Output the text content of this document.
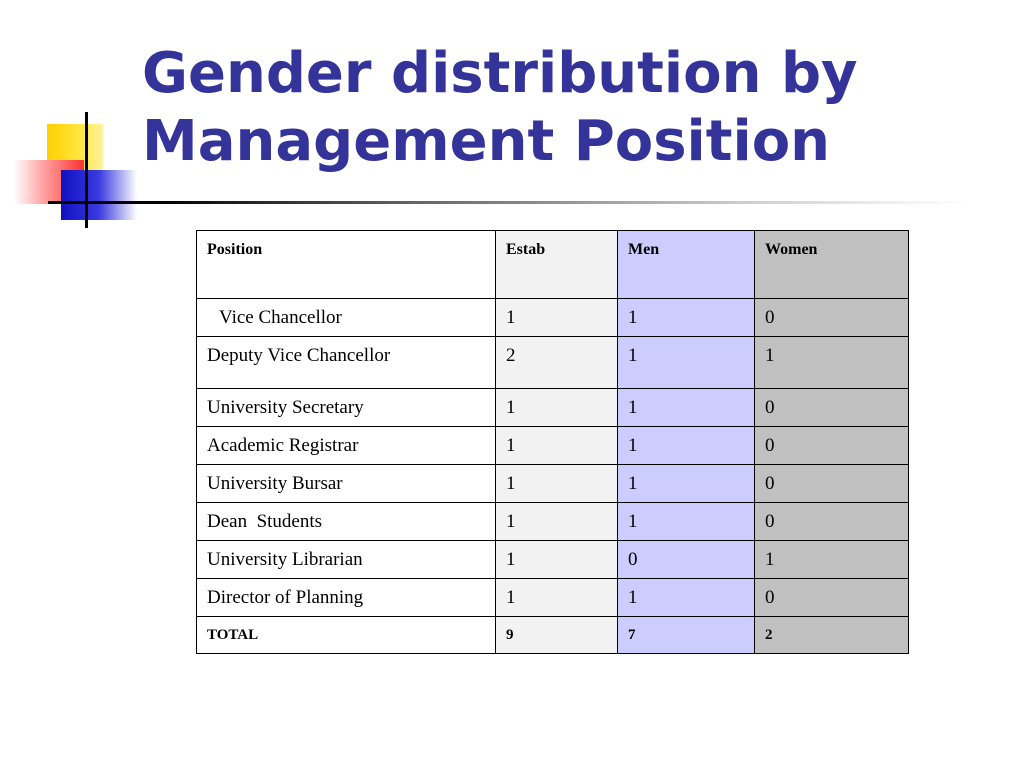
Gender distribution by
Management Position
Position	Estab	Men	Women
Vice Chancellor	1	1	0
Deputy Vice Chancellor	2	1	1
University Secretary	1	1	0
Academic Registrar	1	1	0
University Bursar	1	1	0
Dean  Students	1	1	0
University Librarian	1	0	1
Director of Planning	1	1	0
TOTAL	9	7	2
